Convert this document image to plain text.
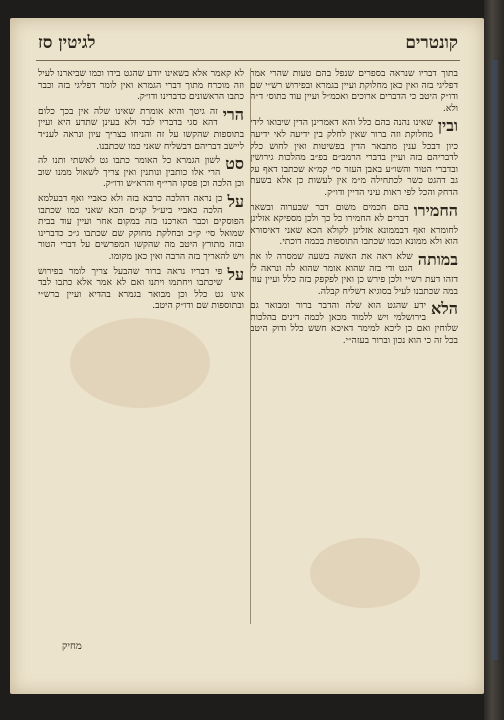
קונטרים
לגיטין סז

בתוך דבריו שנראה בספרים שנפל בהם טעות שהרי אמר דפליגי בזה ואין כאן מחלוקת ועיין בגמרא ובפירוש רש״י שם ודו״ק היטב כי הדברים ארוכים ואכמ״ל ועיין עוד בתוס׳ ד״ה ולא.

ובין
שאינו נהנה בהם כלל והא דאמרינן הדין שיבואו לידי מחלוקת וזה ברור שאין לחלק בין ידיעה לאי ידיעה כיון דבכל ענין מתבאר הדין בפשיטות ואין לחוש כלל לדבריהם בזה ועיין בדברי הרמב״ם בפ״ב מהלכות גירושין ובדברי הטור והשו״ע באבן העזר סי׳ קמ״א שכתבו דאף על גב דהגט כשר לכתחילה מ״מ אין לעשות כן אלא בשעת הדחק והכל לפי ראות עיני הדיין ודו״ק.

החמירו
בהם חכמים משום דבר שבערוה ובשאר דברים לא החמירו כל כך ולכן מספיקא אזלינן לחומרא ואף דבממונא אזלינן לקולא הכא שאני דאיסורא הוא ולא ממונא וכמו שכתבו התוספות בכמה דוכתי.

במותה
שלא ראה את האשה בשעה שמסרה לו את הגט ודי בזה שהוא אומר שהוא לה ונראה לי דזהו דעת רש״י ולכן פירש כן ואין לפקפק בזה כלל ועיין עוד במה שכתבנו לעיל בסוגיא דשליח קבלה.

הלא
ידע שהגט הוא שלה והדבר ברור ומבואר גם בירושלמי ויש ללמוד מכאן לכמה דינים בהלכות שלוחין ואם כן ליכא למימר דאיכא חשש כלל ודוק היטב בכל זה כי הוא נכון וברור בעזה״י.

לא קאמר אלא בשאינו יודע שהגט בידו וכמו שביארנו לעיל וזה מוכרח מתוך דברי הגמרא ואין לומר דפליגי בזה וכבר כתבו הראשונים כדברינו ודו״ק.

הרי
זה גיטך והיא אומרת שאינו שלה אין בכך כלום דהא סגי בדבריו לבד ולא בעינן שתדע היא ועיין בתוספות שהקשו על זה והניחו בצריך עיון ונראה לענ״ד ליישב דבריהם דבשליח שאני כמו שכתבנו.

סט
לשון הגמרא כל האומר כתבו גט לאשתי ותנו לה הרי אלו כותבין ונותנין ואין צריך לשאול ממנו שוב וכן הלכה וכן פסקו הרי״ף והרא״ש ודו״ק.

על
כן נראה דהלכה כרבא בזה ולא כאביי ואף דבעלמא הלכה כאביי ביע״ל קג״ם הכא שאני כמו שכתבו הפוסקים וכבר הארכנו בזה במקום אחר ועיין עוד בבית שמואל סי׳ ק״כ ובחלקת מחוקק שם שכתבו ג״כ כדברינו ובזה מתורץ היטב מה שהקשו המפרשים על דברי הטור ויש להאריך בזה הרבה ואין כאן מקומו.

על
פי דבריו נראה ברור שהבעל צריך לומר בפירוש שיכתבו ויחתמו ויתנו ואם לא אמר אלא כתבו לבד אינו גט כלל וכן מבואר בגמרא בהדיא ועיין ברש״י ובתוספות שם ודו״ק היטב.

מחיק
